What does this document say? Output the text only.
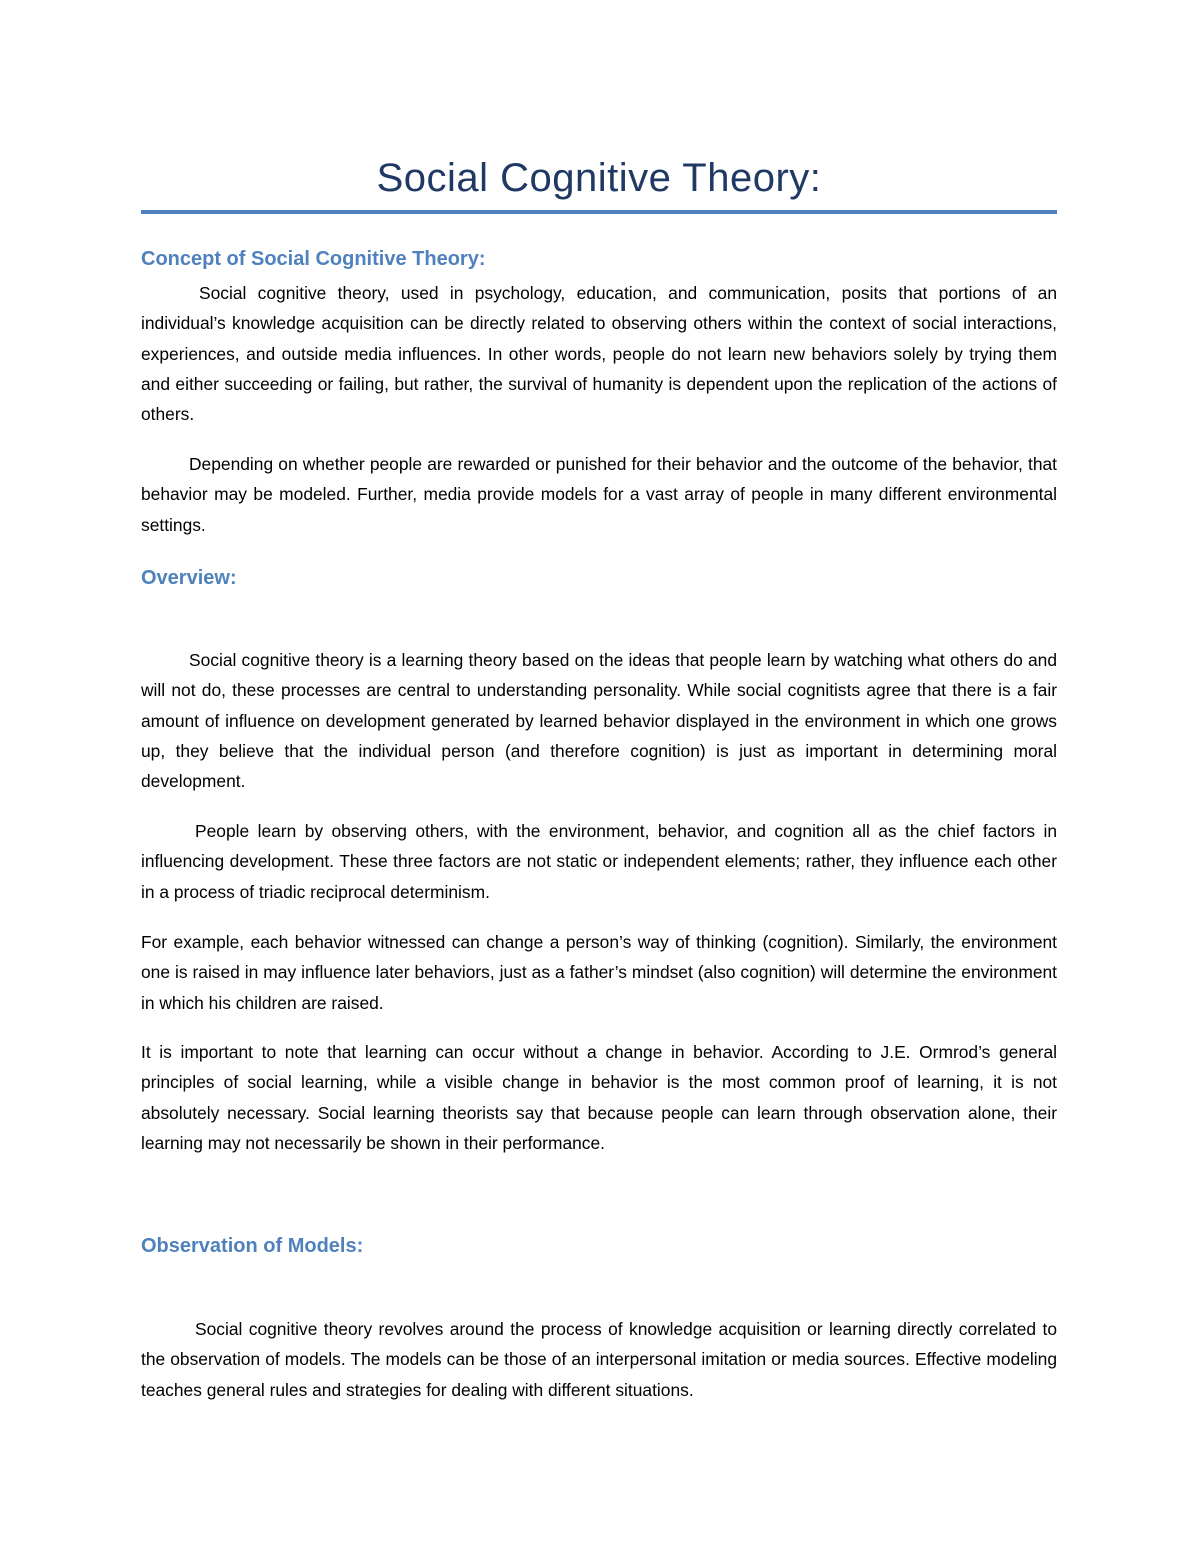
Social Cognitive Theory:
Concept of Social Cognitive Theory:

Social cognitive theory, used in psychology, education, and communication, posits that portions of an individual’s knowledge acquisition can be directly related to observing others within the context of social interactions, experiences, and outside media influences. In other words, people do not learn new behaviors solely by trying them and either succeeding or failing, but rather, the survival of humanity is dependent upon the replication of the actions of others.

Depending on whether people are rewarded or punished for their behavior and the outcome of the behavior, that behavior may be modeled. Further, media provide models for a vast array of people in many different environmental settings.

Overview:

Social cognitive theory is a learning theory based on the ideas that people learn by watching what others do and will not do, these processes are central to understanding personality. While social cognitists agree that there is a fair amount of influence on development generated by learned behavior displayed in the environment in which one grows up, they believe that the individual person (and therefore cognition) is just as important in determining moral development.

People learn by observing others, with the environment, behavior, and cognition all as the chief factors in influencing development. These three factors are not static or independent elements; rather, they influence each other in a process of triadic reciprocal determinism.

For example, each behavior witnessed can change a person’s way of thinking (cognition). Similarly, the environment one is raised in may influence later behaviors, just as a father’s mindset (also cognition) will determine the environment in which his children are raised.

It is important to note that learning can occur without a change in behavior. According to J.E. Ormrod’s general principles of social learning, while a visible change in behavior is the most common proof of learning, it is not absolutely necessary. Social learning theorists say that because people can learn through observation alone, their learning may not necessarily be shown in their performance.

Observation of Models:

Social cognitive theory revolves around the process of knowledge acquisition or learning directly correlated to the observation of models. The models can be those of an interpersonal imitation or media sources. Effective modeling teaches general rules and strategies for dealing with different situations.
